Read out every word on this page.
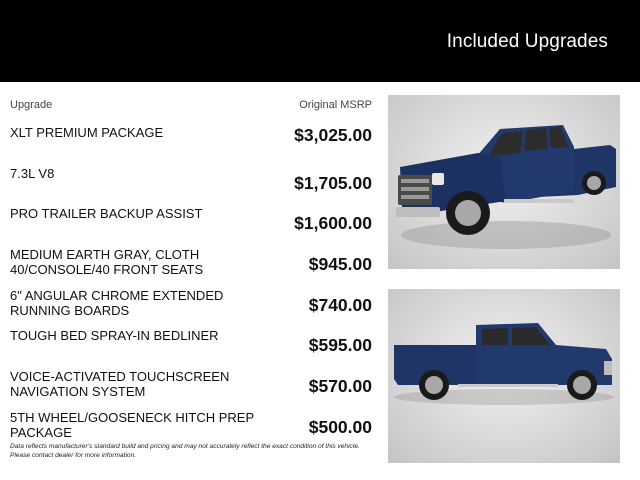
Included Upgrades
Upgrade	Original MSRP
XLT PREMIUM PACKAGE	$3,025.00
7.3L V8	$1,705.00
PRO TRAILER BACKUP ASSIST	$1,600.00
MEDIUM EARTH GRAY, CLOTH 40/CONSOLE/40 FRONT SEATS	$945.00
6" ANGULAR CHROME EXTENDED RUNNING BOARDS	$740.00
TOUGH BED SPRAY-IN BEDLINER	$595.00
VOICE-ACTIVATED TOUCHSCREEN NAVIGATION SYSTEM	$570.00
5TH WHEEL/GOOSENECK HITCH PREP PACKAGE	$500.00
Data reflects manufacturer's standard build and pricing and may not accurately reflect the exact condition of this vehicle. Please contact dealer for more information.
